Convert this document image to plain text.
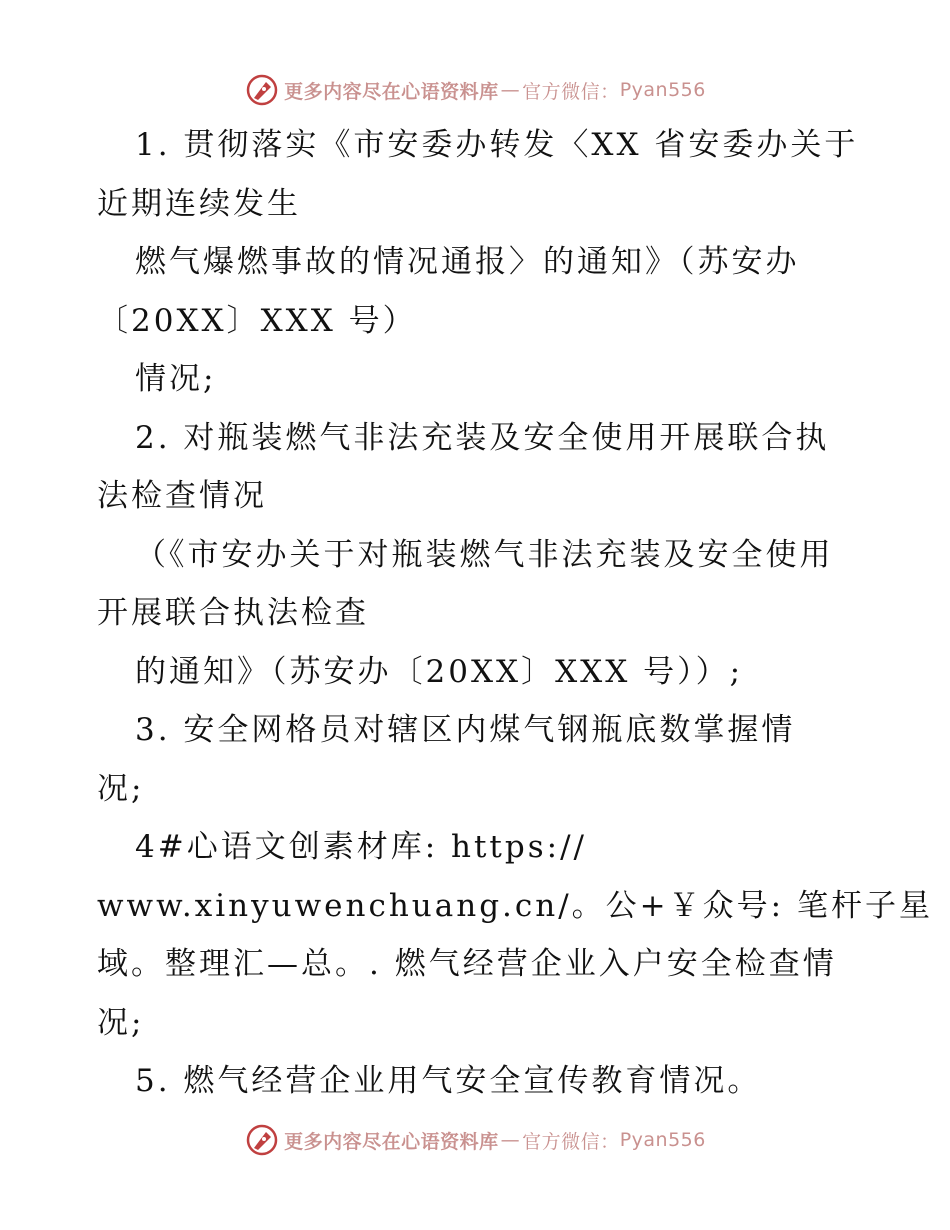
更多内容尽在心语资料库 — 官方微信： Pyan556
1. 贯彻落实《市安委办转发〈XX 省安委办关于
近期连续发生
燃气爆燃事故的情况通报〉的通知》（苏安办
〔20XX〕XXX 号）
情况;
2. 对瓶装燃气非法充装及安全使用开展联合执
法检查情况
（《市安办关于对瓶装燃气非法充装及安全使用
开展联合执法检查
的通知》（苏安办〔20XX〕XXX 号））;
3. 安全网格员对辖区内煤气钢瓶底数掌握情
况;
4#心语文创素材库: https://
www.xinyuwenchuang.cn/。公+￥众号: 笔杆子星
域。整理汇—总。. 燃气经营企业入户安全检查情
况;
5. 燃气经营企业用气安全宣传教育情况。
更多内容尽在心语资料库 — 官方微信： Pyan556
